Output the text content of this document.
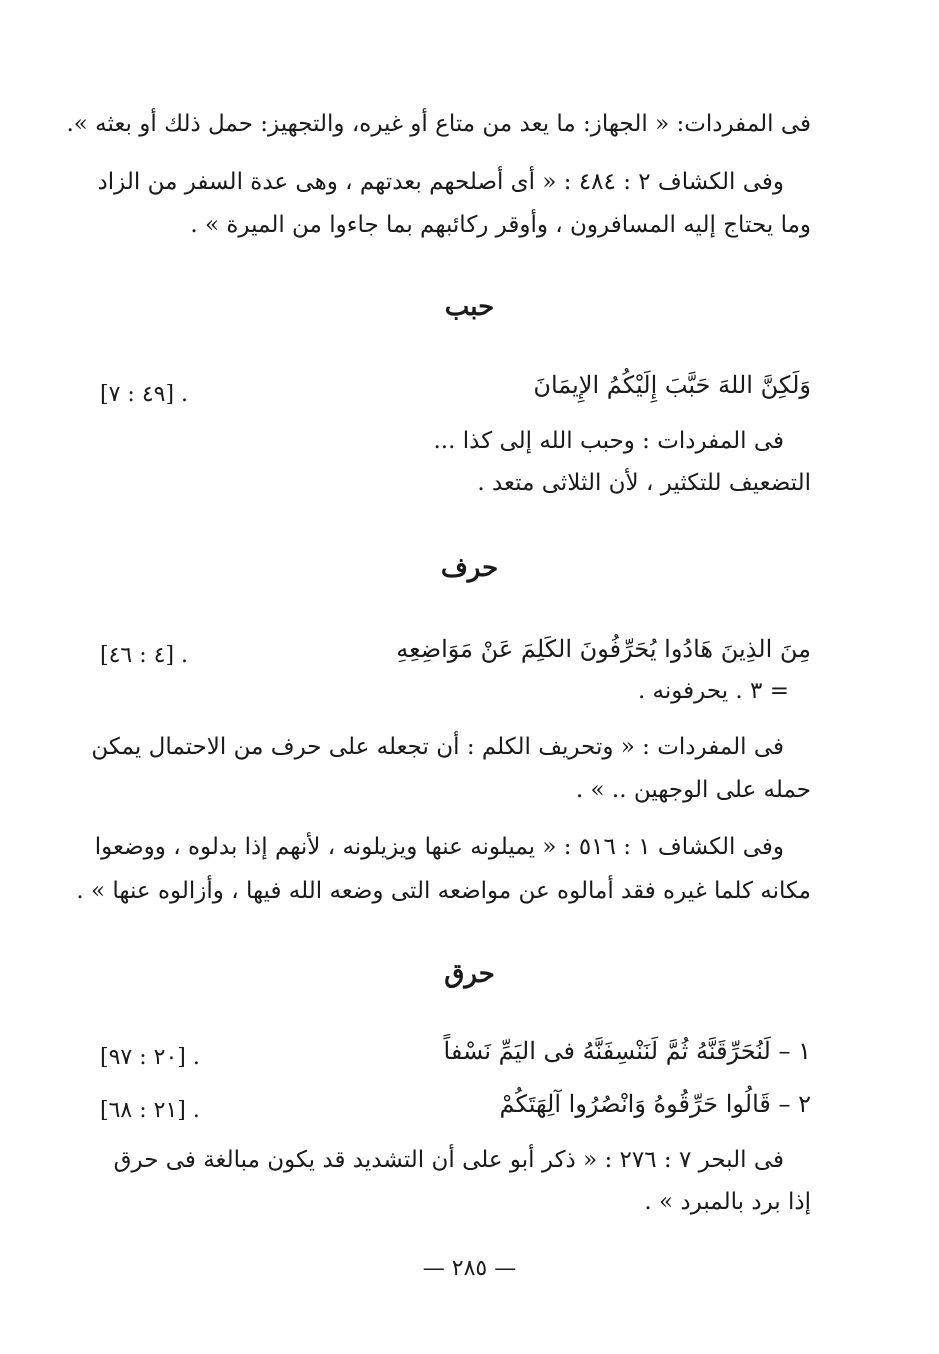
فى المفردات: « الجهاز: ما يعد من متاع أو غيره، والتجهيز: حمل ذلك أو بعثه ».
وفى الكشاف ٢ : ٤٨٤ : « أى أصلحهم بعدتهم ، وهى عدة السفر من الزاد
وما يحتاج إليه المسافرون ، وأوقر ركائبهم بما جاءوا من الميرة » .
حبب
وَلَكِنَّ اللهَ حَبَّبَ إِلَيْكُمُ الإِيمَانَ
[٤٩ : ٧] .
فى المفردات : وحبب الله إلى كذا ...
التضعيف للتكثير ، لأن الثلاثى متعد .
حرف
مِنَ الذِينَ هَادُوا يُحَرِّفُونَ الكَلِمَ عَنْ مَوَاضِعِهِ
[٤ : ٤٦] .
= ٣ . يحرفونه .
فى المفردات : « وتحريف الكلم : أن تجعله على حرف من الاحتمال يمكن
حمله على الوجهين .. » .
وفى الكشاف ١ : ٥١٦ : « يميلونه عنها ويزيلونه ، لأنهم إذا بدلوه ، ووضعوا
مكانه كلما غيره فقد أمالوه عن مواضعه التى وضعه الله فيها ، وأزالوه عنها » .
حرق
١ – لَنُحَرِّقَنَّهُ ثُمَّ لَنَنْسِفَنَّهُ فى اليَمِّ نَسْفاً
[٢٠ : ٩٧] .
٢ – قَالُوا حَرِّقُوهُ وَانْصُرُوا آلِهَتَكُمْ
[٢١ : ٦٨] .
فى البحر ٧ : ٢٧٦ : « ذكر أبو على أن التشديد قد يكون مبالغة فى حرق
إذا برد بالمبرد » .
— ٢٨٥ —
